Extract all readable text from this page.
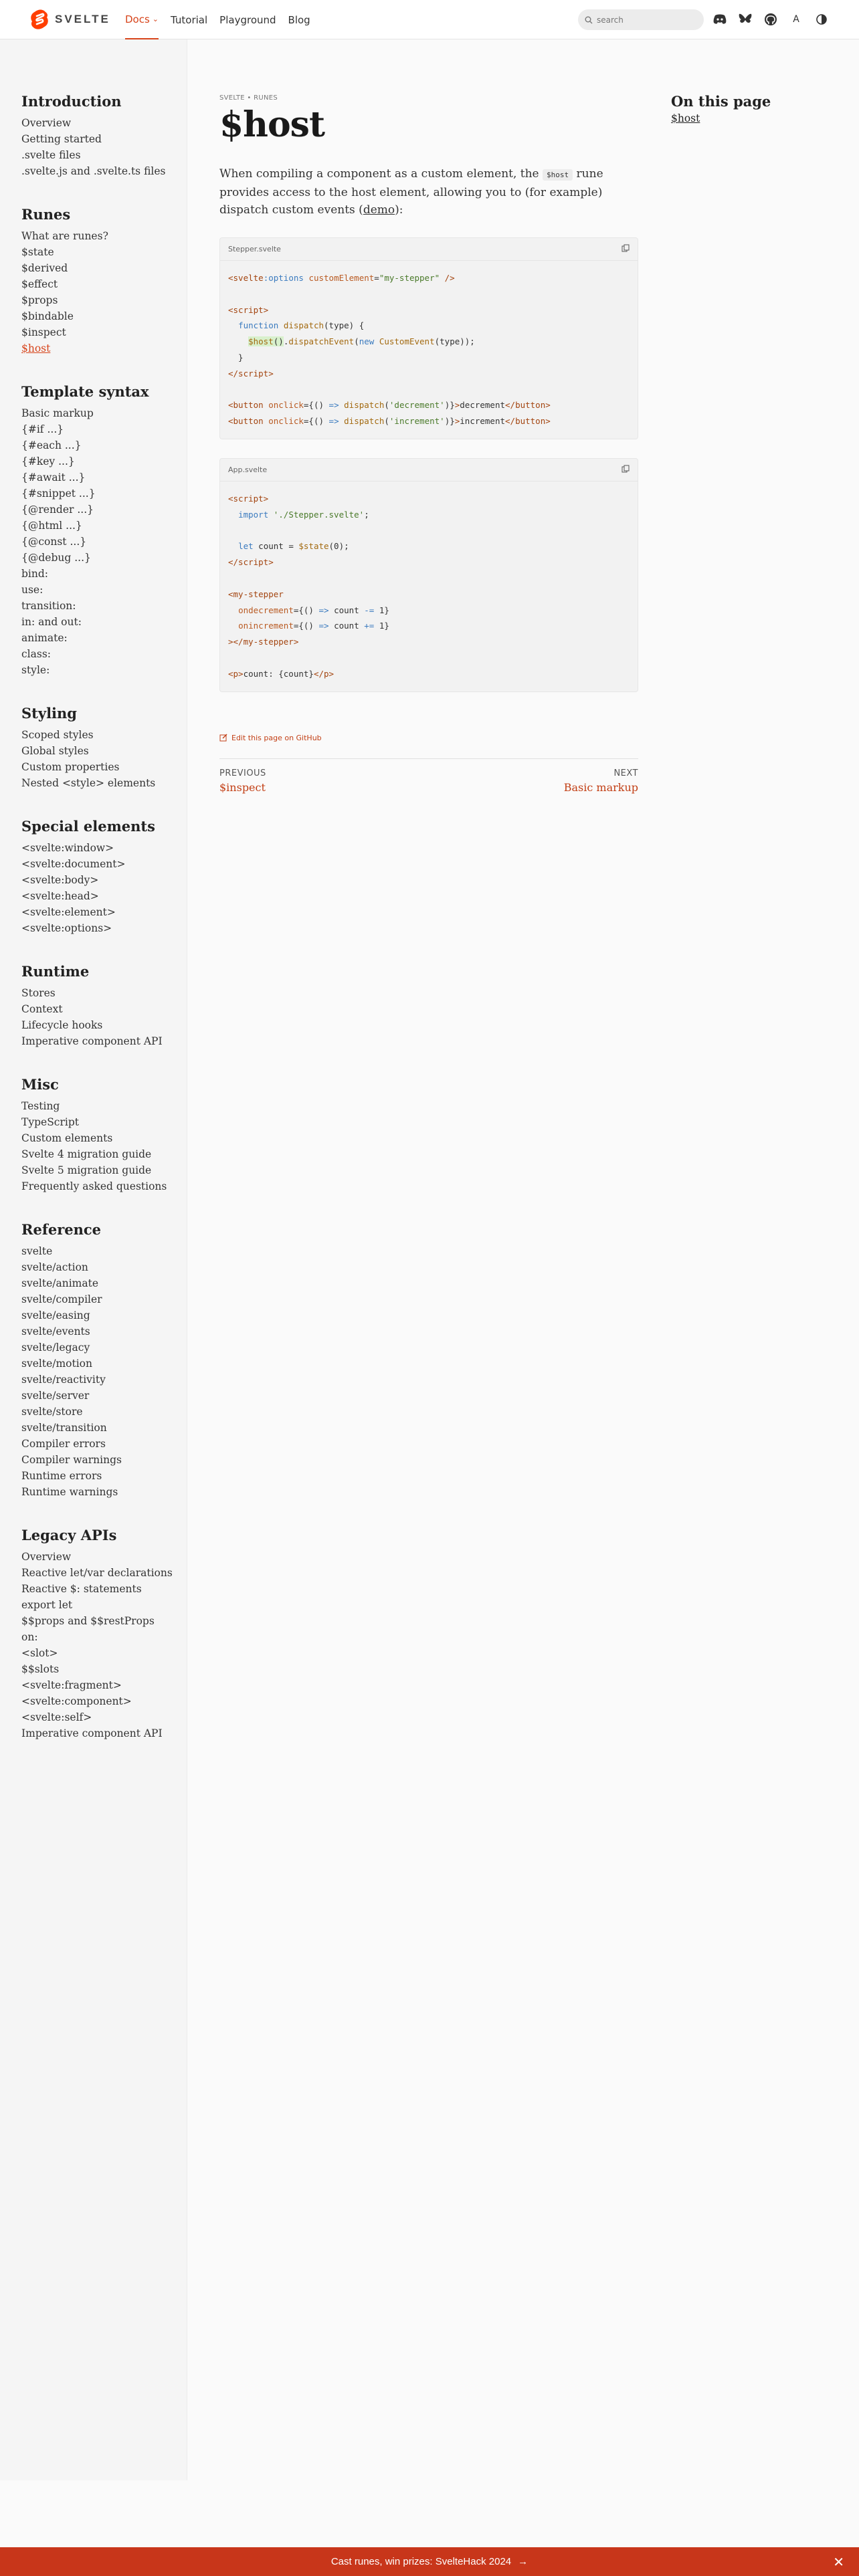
SVELTE Docs ⌄ Tutorial Playground Blog	search	A
Introduction
Overview
Getting started
.svelte files
.svelte.js and .svelte.ts files
Runes
What are runes?
$state
$derived
$effect
$props
$bindable
$inspect
$host
Template syntax
Basic markup
{#if ...}
{#each ...}
{#key ...}
{#await ...}
{#snippet ...}
{@render ...}
{@html ...}
{@const ...}
{@debug ...}
bind:
use:
transition:
in: and out:
animate:
class:
style:
Styling
Scoped styles
Global styles
Custom properties
Nested <style> elements
Special elements
<svelte:window>
<svelte:document>
<svelte:body>
<svelte:head>
<svelte:element>
<svelte:options>
Runtime
Stores
Context
Lifecycle hooks
Imperative component API
Misc
Testing
TypeScript
Custom elements
Svelte 4 migration guide
Svelte 5 migration guide
Frequently asked questions
Reference
svelte
svelte/action
svelte/animate
svelte/compiler
svelte/easing
svelte/events
svelte/legacy
svelte/motion
svelte/reactivity
svelte/server
svelte/store
svelte/transition
Compiler errors
Compiler warnings
Runtime errors
Runtime warnings
Legacy APIs
Overview
Reactive let/var declarations
Reactive $: statements
export let
$$props and $$restProps
on:
<slot>
$$slots
<svelte:fragment>
<svelte:component>
<svelte:self>
Imperative component API
SVELTE • RUNES
$host

When compiling a component as a custom element, the $host rune provides access to the host element, allowing you to (for example) dispatch custom events (demo):

Stepper.svelte
<svelte:options customElement="my-stepper" />

<script>
function dispatch(type) {
$host().dispatchEvent(new CustomEvent(type));
}
</script>

<button onclick={() => dispatch('decrement')}>decrement</button>
<button onclick={() => dispatch('increment')}>increment</button>
App.svelte
<script>
import './Stepper.svelte';

let count = $state(0);
</script>

<my-stepper
ondecrement={() => count -= 1}
onincrement={() => count += 1}
></my-stepper>

<p>count: {count}</p>
Edit this page on GitHub
PREVIOUS
$inspect
NEXT
Basic markup
On this page
$host
Cast runes, win prizes: SvelteHack 2024 →	✕
